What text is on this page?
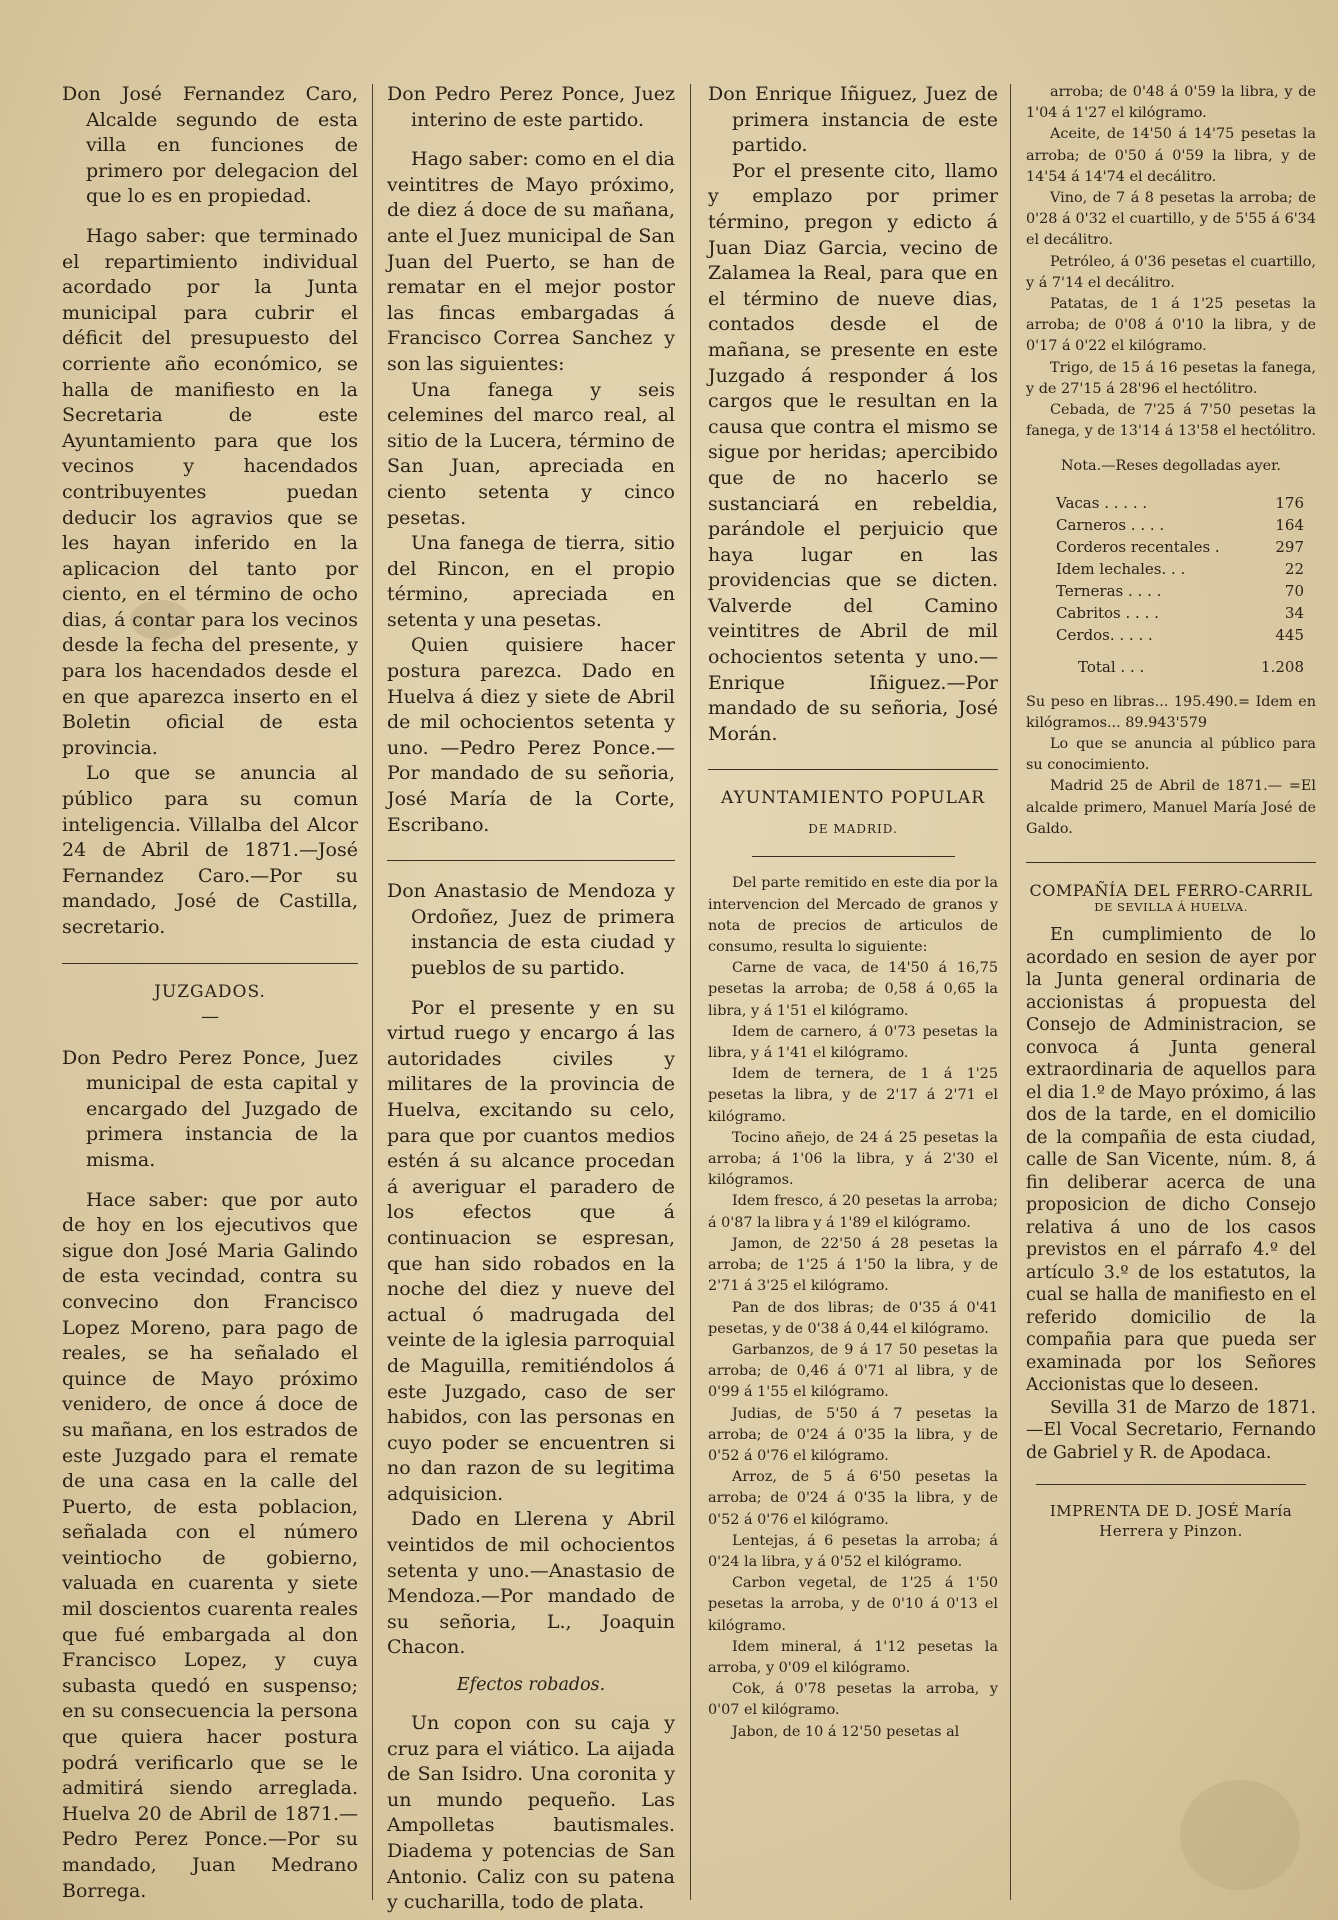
Don José Fernandez Caro, Alcalde segundo de esta villa en funciones de primero por delegacion del que lo es en propiedad.

Hago saber: que terminado el repartimiento individual acordado por la Junta municipal para cubrir el déficit del presupuesto del corriente año económico, se halla de manifiesto en la Secretaria de este Ayuntamiento para que los vecinos y hacendados contribuyentes puedan deducir los agravios que se les hayan inferido en la aplicacion del tanto por ciento, en el término de ocho dias, á contar para los vecinos desde la fecha del presente, y para los hacendados desde el en que aparezca inserto en el Boletin oficial de esta provincia.

Lo que se anuncia al público para su comun inteligencia. Villalba del Alcor 24 de Abril de 1871.—José Fernandez Caro.—Por su mandado, José de Castilla, secretario.

JUZGADOS.
—

Don Pedro Perez Ponce, Juez municipal de esta capital y encargado del Juzgado de primera instancia de la misma.

Hace saber: que por auto de hoy en los ejecutivos que sigue don José Maria Galindo de esta vecindad, contra su convecino don Francisco Lopez Moreno, para pago de reales, se ha señalado el quince de Mayo próximo venidero, de once á doce de su mañana, en los estrados de este Juzgado para el remate de una casa en la calle del Puerto, de esta poblacion, señalada con el número veintiocho de gobierno, valuada en cuarenta y siete mil doscientos cuarenta reales que fué embargada al don Francisco Lopez, y cuya subasta quedó en suspenso; en su consecuencia la persona que quiera hacer postura podrá verificarlo que se le admitirá siendo arreglada. Huelva 20 de Abril de 1871.—Pedro Perez Ponce.—Por su mandado, Juan Medrano Borrega.

Don Pedro Perez Ponce, Juez interino de este partido.

Hago saber: como en el dia veintitres de Mayo próximo, de diez á doce de su mañana, ante el Juez municipal de San Juan del Puerto, se han de rematar en el mejor postor las fincas embargadas á Francisco Correa Sanchez y son las siguientes:

Una fanega y seis celemines del marco real, al sitio de la Lucera, término de San Juan, apreciada en ciento setenta y cinco pesetas.

Una fanega de tierra, sitio del Rincon, en el propio término, apreciada en setenta y una pesetas.

Quien quisiere hacer postura parezca. Dado en Huelva á diez y siete de Abril de mil ochocientos setenta y uno. —Pedro Perez Ponce.—Por mandado de su señoria, José María de la Corte, Escribano.

Don Anastasio de Mendoza y Ordoñez, Juez de primera instancia de esta ciudad y pueblos de su partido.

Por el presente y en su virtud ruego y encargo á las autoridades civiles y militares de la provincia de Huelva, excitando su celo, para que por cuantos medios estén á su alcance procedan á averiguar el paradero de los efectos que á continuacion se espresan, que han sido robados en la noche del diez y nueve del actual ó madrugada del veinte de la iglesia parroquial de Maguilla, remitiéndolos á este Juzgado, caso de ser habidos, con las personas en cuyo poder se encuentren si no dan razon de su legitima adquisicion.

Dado en Llerena y Abril veintidos de mil ochocientos setenta y uno.—Anastasio de Mendoza.—Por mandado de su señoria, L., Joaquin Chacon.

Efectos robados.

Un copon con su caja y cruz para el viático. La aijada de San Isidro. Una coronita y un mundo pequeño. Las Ampolletas bautismales. Diadema y potencias de San Antonio. Caliz con su patena y cucharilla, todo de plata.

Don Enrique Iñiguez, Juez de primera instancia de este partido.

Por el presente cito, llamo y emplazo por primer término, pregon y edicto á Juan Diaz Garcia, vecino de Zalamea la Real, para que en el término de nueve dias, contados desde el de mañana, se presente en este Juzgado á responder á los cargos que le resultan en la causa que contra el mismo se sigue por heridas; apercibido que de no hacerlo se sustanciará en rebeldia, parándole el perjuicio que haya lugar en las providencias que se dicten. Valverde del Camino veintitres de Abril de mil ochocientos setenta y uno.—Enrique Iñiguez.—Por mandado de su señoria, José Morán.

AYUNTAMIENTO POPULAR
DE MADRID.

Del parte remitido en este dia por la intervencion del Mercado de granos y nota de precios de articulos de consumo, resulta lo siguiente:

Carne de vaca, de 14'50 á 16,75 pesetas la arroba; de 0,58 á 0,65 la libra, y á 1'51 el kilógramo.

Idem de carnero, á 0'73 pesetas la libra, y á 1'41 el kilógramo.

Idem de ternera, de 1 á 1'25 pesetas la libra, y de 2'17 á 2'71 el kilógramo.

Tocino añejo, de 24 á 25 pesetas la arroba; á 1'06 la libra, y á 2'30 el kilógramos.

Idem fresco, á 20 pesetas la arroba; á 0'87 la libra y á 1'89 el kilógramo.

Jamon, de 22'50 á 28 pesetas la arroba; de 1'25 á 1'50 la libra, y de 2'71 á 3'25 el kilógramo.

Pan de dos libras; de 0'35 á 0'41 pesetas, y de 0'38 á 0,44 el kilógramo.

Garbanzos, de 9 á 17 50 pesetas la arroba; de 0,46 á 0'71 al libra, y de 0'99 á 1'55 el kilógramo.

Judias, de 5'50 á 7 pesetas la arroba; de 0'24 á 0'35 la libra, y de 0'52 á 0'76 el kilógramo.

Arroz, de 5 á 6'50 pesetas la arroba; de 0'24 á 0'35 la libra, y de 0'52 á 0'76 el kilógramo.

Lentejas, á 6 pesetas la arroba; á 0'24 la libra, y á 0'52 el kilógramo.

Carbon vegetal, de 1'25 á 1'50 pesetas la arroba, y de 0'10 á 0'13 el kilógramo.

Idem mineral, á 1'12 pesetas la arroba, y 0'09 el kilógramo.

Cok, á 0'78 pesetas la arroba, y 0'07 el kilógramo.

Jabon, de 10 á 12'50 pesetas al

arroba; de 0'48 á 0'59 la libra, y de 1'04 á 1'27 el kilógramo.

Aceite, de 14'50 á 14'75 pesetas la arroba; de 0'50 á 0'59 la libra, y de 14'54 á 14'74 el decálitro.

Vino, de 7 á 8 pesetas la arroba; de 0'28 á 0'32 el cuartillo, y de 5'55 á 6'34 el decálitro.

Petróleo, á 0'36 pesetas el cuartillo, y á 7'14 el decálitro.

Patatas, de 1 á 1'25 pesetas la arroba; de 0'08 á 0'10 la libra, y de 0'17 á 0'22 el kilógramo.

Trigo, de 15 á 16 pesetas la fanega, y de 27'15 á 28'96 el hectólitro.

Cebada, de 7'25 á 7'50 pesetas la fanega, y de 13'14 á 13'58 el hectólitro.

Nota.—Reses degolladas ayer.

Vacas . . . . .	176
Carneros . . . .	164
Corderos recentales .	297
Idem lechales. . .	22
Terneras . . . .	70
Cabritos . . . .	34
Cerdos. . . . .	445
Total . . .	1.208

Su peso en libras... 195.490.= Idem en kilógramos... 89.943'579

Lo que se anuncia al público para su conocimiento.

Madrid 25 de Abril de 1871.— =El alcalde primero, Manuel María José de Galdo.

COMPAÑÍA DEL FERRO-CARRIL
DE SEVILLA Á HUELVA.

En cumplimiento de lo acordado en sesion de ayer por la Junta general ordinaria de accionistas á propuesta del Consejo de Administracion, se convoca á Junta general extraordinaria de aquellos para el dia 1.º de Mayo próximo, á las dos de la tarde, en el domicilio de la compañia de esta ciudad, calle de San Vicente, núm. 8, á fin deliberar acerca de una proposicion de dicho Consejo relativa á uno de los casos previstos en el párrafo 4.º del artículo 3.º de los estatutos, la cual se halla de manifiesto en el referido domicilio de la compañia para que pueda ser examinada por los Señores Accionistas que lo deseen.

Sevilla 31 de Marzo de 1871.—El Vocal Secretario, Fernando de Gabriel y R. de Apodaca.

IMPRENTA DE D. JOSÉ María Herrera y Pinzon.
